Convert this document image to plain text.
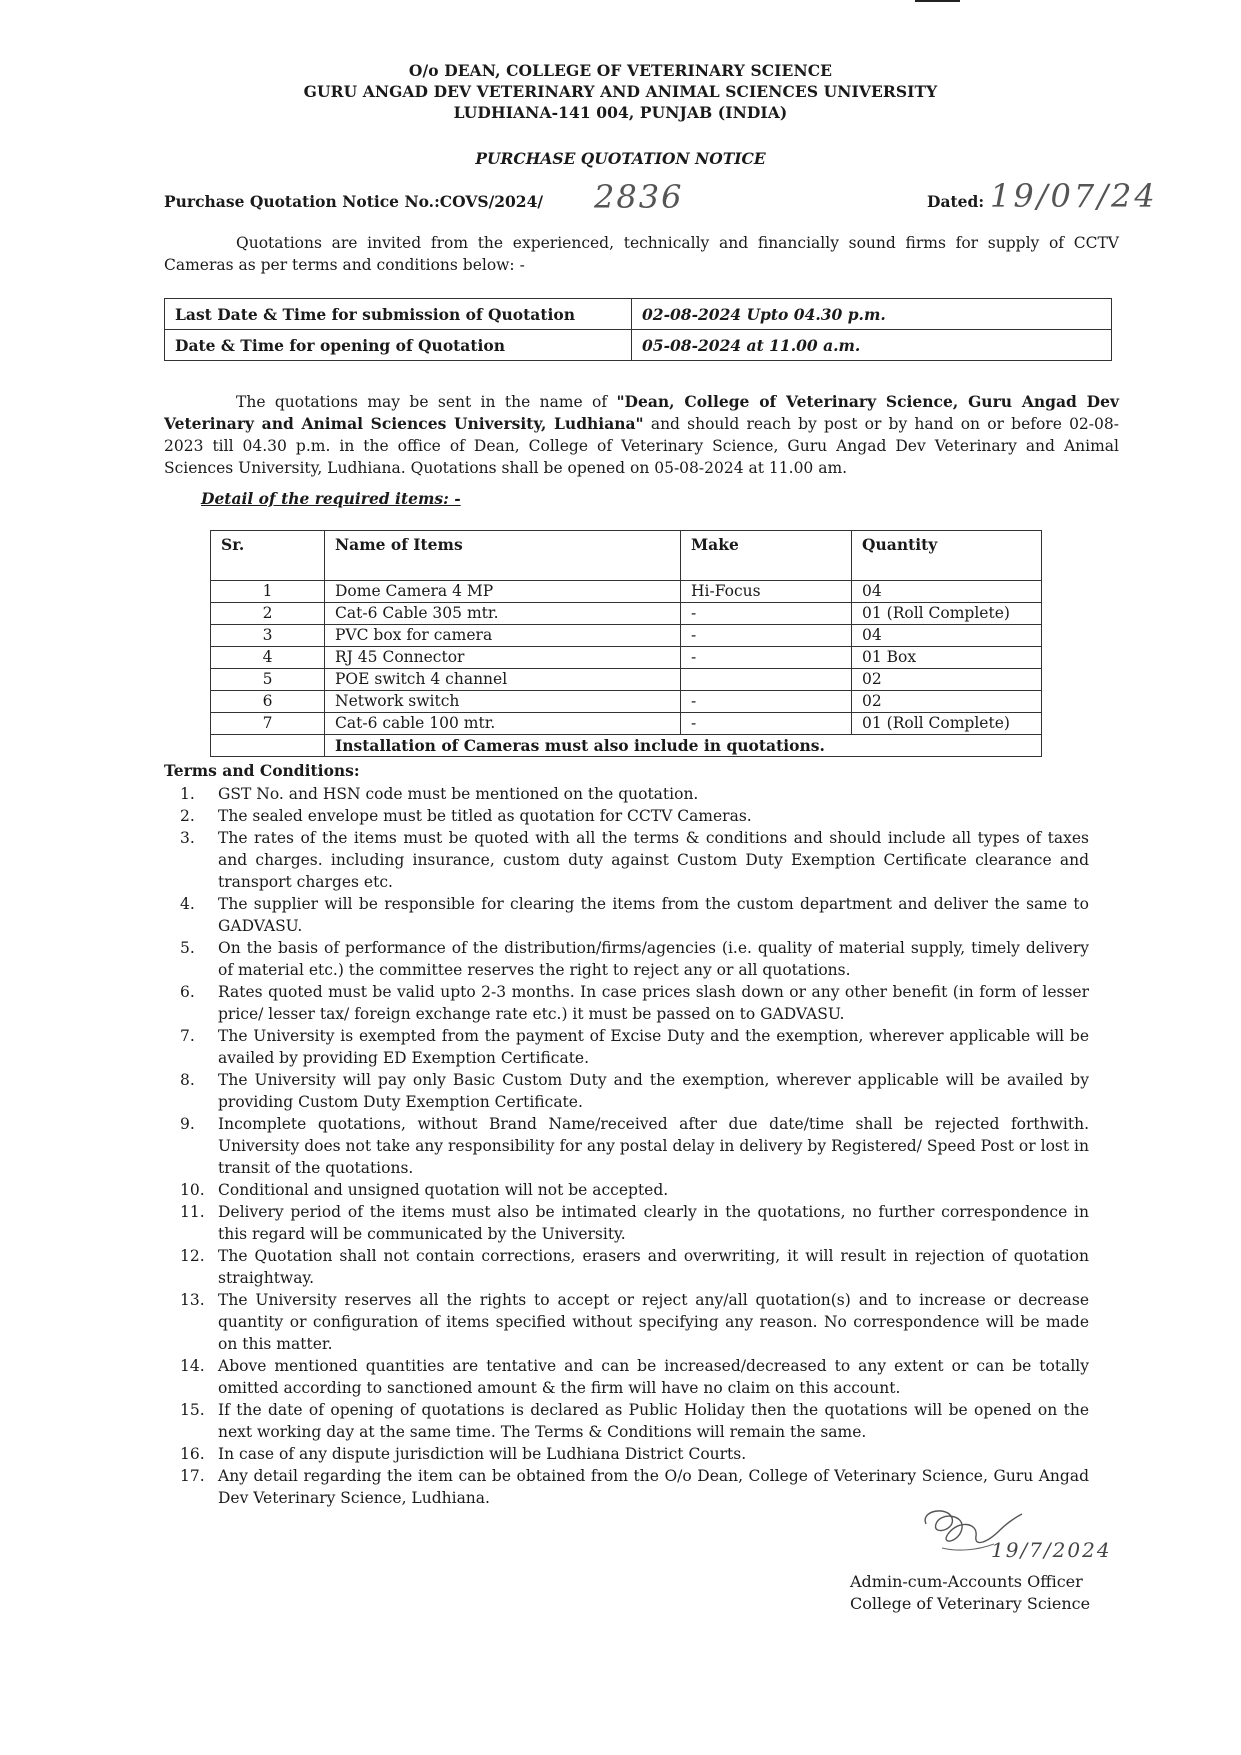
O/o DEAN, COLLEGE OF VETERINARY SCIENCE
GURU ANGAD DEV VETERINARY AND ANIMAL SCIENCES UNIVERSITY
LUDHIANA-141 004, PUNJAB (INDIA)
PURCHASE QUOTATION NOTICE
Purchase Quotation Notice No.:COVS/2024/ 2836	Dated: 19/07/24
Quotations are invited from the experienced, technically and financially sound firms for supply of CCTV Cameras as per terms and conditions below: -
Last Date & Time for submission of Quotation	02-08-2024 Upto 04.30 p.m.
Date & Time for opening of Quotation	05-08-2024 at 11.00 a.m.
The quotations may be sent in the name of "Dean, College of Veterinary Science, Guru Angad Dev Veterinary and Animal Sciences University, Ludhiana" and should reach by post or by hand on or before 02-08-2023 till 04.30 p.m. in the office of Dean, College of Veterinary Science, Guru Angad Dev Veterinary and Animal Sciences University, Ludhiana. Quotations shall be opened on 05-08-2024 at 11.00 am.
Detail of the required items: -
Sr.	Name of Items	Make	Quantity
1	Dome Camera 4 MP	Hi-Focus	04
2	Cat-6 Cable 305 mtr.	-	01 (Roll Complete)
3	PVC box for camera	-	04
4	RJ 45 Connector	-	01 Box
5	POE switch 4 channel		02
6	Network switch	-	02
7	Cat-6 cable 100 mtr.	-	01 (Roll Complete)
	Installation of Cameras must also include in quotations.		
Terms and Conditions:
1.	GST No. and HSN code must be mentioned on the quotation.
2.	The sealed envelope must be titled as quotation for CCTV Cameras.
3.	The rates of the items must be quoted with all the terms & conditions and should include all types of taxes and charges. including insurance, custom duty against Custom Duty Exemption Certificate clearance and transport charges etc.
4.	The supplier will be responsible for clearing the items from the custom department and deliver the same to GADVASU.
5.	On the basis of performance of the distribution/firms/agencies (i.e. quality of material supply, timely delivery of material etc.) the committee reserves the right to reject any or all quotations.
6.	Rates quoted must be valid upto 2-3 months. In case prices slash down or any other benefit (in form of lesser price/ lesser tax/ foreign exchange rate etc.) it must be passed on to GADVASU.
7.	The University is exempted from the payment of Excise Duty and the exemption, wherever applicable will be availed by providing ED Exemption Certificate.
8.	The University will pay only Basic Custom Duty and the exemption, wherever applicable will be availed by providing Custom Duty Exemption Certificate.
9.	Incomplete quotations, without Brand Name/received after due date/time shall be rejected forthwith. University does not take any responsibility for any postal delay in delivery by Registered/ Speed Post or lost in transit of the quotations.
10. Conditional and unsigned quotation will not be accepted.
11. Delivery period of the items must also be intimated clearly in the quotations, no further correspondence in this regard will be communicated by the University.
12. The Quotation shall not contain corrections, erasers and overwriting, it will result in rejection of quotation straightway.
13. The University reserves all the rights to accept or reject any/all quotation(s) and to increase or decrease quantity or configuration of items specified without specifying any reason. No correspondence will be made on this matter.
14. Above mentioned quantities are tentative and can be increased/decreased to any extent or can be totally omitted according to sanctioned amount & the firm will have no claim on this account.
15. If the date of opening of quotations is declared as Public Holiday then the quotations will be opened on the next working day at the same time. The Terms & Conditions will remain the same.
16. In case of any dispute jurisdiction will be Ludhiana District Courts.
17. Any detail regarding the item can be obtained from the O/o Dean, College of Veterinary Science, Guru Angad Dev Veterinary Science, Ludhiana.
19/7/2024
Admin-cum-Accounts Officer
College of Veterinary Science
